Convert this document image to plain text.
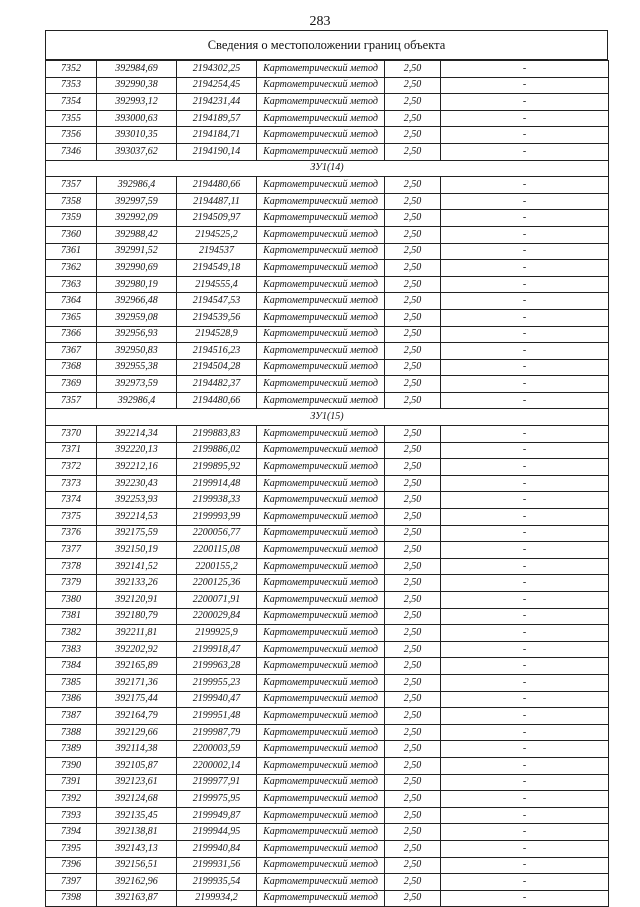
283
Сведения о местоположении границ объекта
7352	392984,69	2194302,25	Картометрический метод	2,50	-
7353	392990,38	2194254,45	Картометрический метод	2,50	-
7354	392993,12	2194231,44	Картометрический метод	2,50	-
7355	393000,63	2194189,57	Картометрический метод	2,50	-
7356	393010,35	2194184,71	Картометрический метод	2,50	-
7346	393037,62	2194190,14	Картометрический метод	2,50	-
ЗУ1(14)					
7357	392986,4	2194480,66	Картометрический метод	2,50	-
7358	392997,59	2194487,11	Картометрический метод	2,50	-
7359	392992,09	2194509,97	Картометрический метод	2,50	-
7360	392988,42	2194525,2	Картометрический метод	2,50	-
7361	392991,52	2194537	Картометрический метод	2,50	-
7362	392990,69	2194549,18	Картометрический метод	2,50	-
7363	392980,19	2194555,4	Картометрический метод	2,50	-
7364	392966,48	2194547,53	Картометрический метод	2,50	-
7365	392959,08	2194539,56	Картометрический метод	2,50	-
7366	392956,93	2194528,9	Картометрический метод	2,50	-
7367	392950,83	2194516,23	Картометрический метод	2,50	-
7368	392955,38	2194504,28	Картометрический метод	2,50	-
7369	392973,59	2194482,37	Картометрический метод	2,50	-
7357	392986,4	2194480,66	Картометрический метод	2,50	-
ЗУ1(15)					
7370	392214,34	2199883,83	Картометрический метод	2,50	-
7371	392220,13	2199886,02	Картометрический метод	2,50	-
7372	392212,16	2199895,92	Картометрический метод	2,50	-
7373	392230,43	2199914,48	Картометрический метод	2,50	-
7374	392253,93	2199938,33	Картометрический метод	2,50	-
7375	392214,53	2199993,99	Картометрический метод	2,50	-
7376	392175,59	2200056,77	Картометрический метод	2,50	-
7377	392150,19	2200115,08	Картометрический метод	2,50	-
7378	392141,52	2200155,2	Картометрический метод	2,50	-
7379	392133,26	2200125,36	Картометрический метод	2,50	-
7380	392120,91	2200071,91	Картометрический метод	2,50	-
7381	392180,79	2200029,84	Картометрический метод	2,50	-
7382	392211,81	2199925,9	Картометрический метод	2,50	-
7383	392202,92	2199918,47	Картометрический метод	2,50	-
7384	392165,89	2199963,28	Картометрический метод	2,50	-
7385	392171,36	2199955,23	Картометрический метод	2,50	-
7386	392175,44	2199940,47	Картометрический метод	2,50	-
7387	392164,79	2199951,48	Картометрический метод	2,50	-
7388	392129,66	2199987,79	Картометрический метод	2,50	-
7389	392114,38	2200003,59	Картометрический метод	2,50	-
7390	392105,87	2200002,14	Картометрический метод	2,50	-
7391	392123,61	2199977,91	Картометрический метод	2,50	-
7392	392124,68	2199975,95	Картометрический метод	2,50	-
7393	392135,45	2199949,87	Картометрический метод	2,50	-
7394	392138,81	2199944,95	Картометрический метод	2,50	-
7395	392143,13	2199940,84	Картометрический метод	2,50	-
7396	392156,51	2199931,56	Картометрический метод	2,50	-
7397	392162,96	2199935,54	Картометрический метод	2,50	-
7398	392163,87	2199934,2	Картометрический метод	2,50	-
